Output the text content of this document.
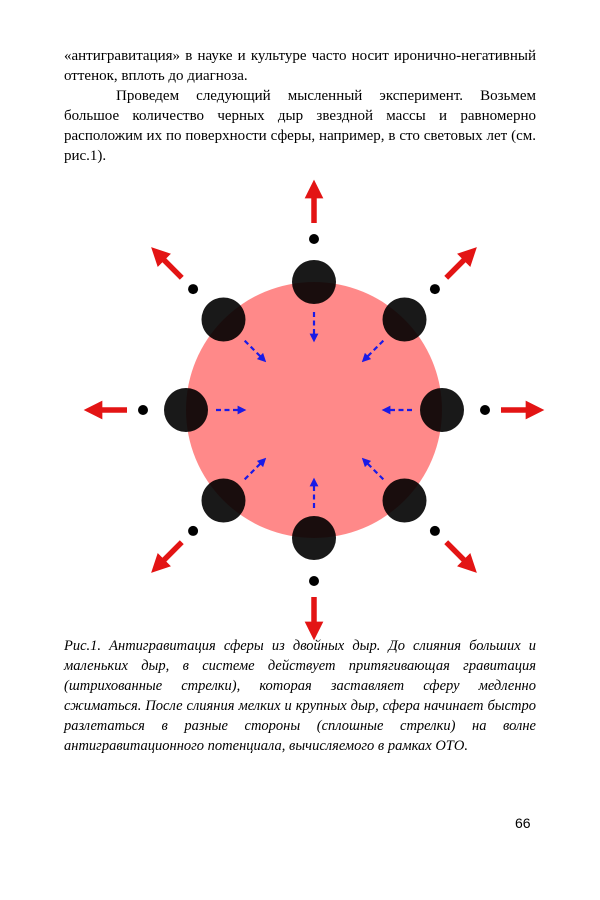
«антигравитация» в науке и культуре часто носит иронично-негативный оттенок, вплоть до диагноза.

Проведем следующий мысленный эксперимент. Возьмем большое количество черных дыр звездной массы и равномерно расположим их по поверхности сферы, например, в сто световых лет (см. рис.1).

Рис.1. Антигравитация сферы из двойных дыр. До слияния больших и маленьких дыр, в системе действует притягивающая гравитация (штрихованные стрелки), которая заставляет сферу медленно сжиматься. После слияния мелких и крупных дыр, сфера начинает быстро разлетаться в разные стороны (сплошные стрелки) на волне антигравитационного потенциала, вычисляемого в рамках ОТО.

66
